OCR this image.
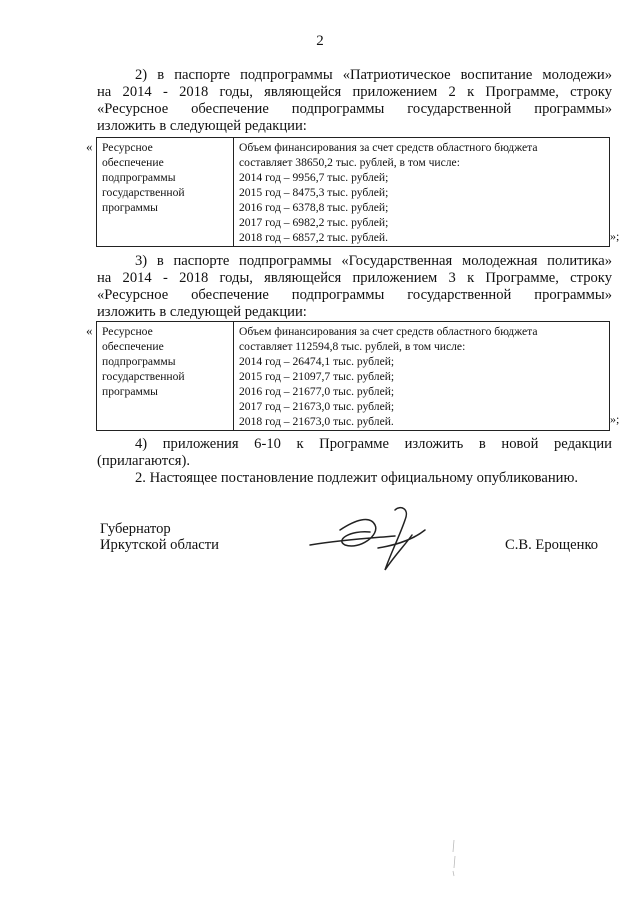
2
2) в паспорте подпрограммы «Патриотическое воспитание молодежи»
на 2014 - 2018 годы, являющейся приложением 2 к Программе, строку
«Ресурсное обеспечение подпрограммы государственной программы»
изложить в следующей редакции:
« Ресурсное
обеспечение
подпрограммы
государственной
программы

Объем финансирования за счет средств областного бюджета
составляет 38650,2 тыс. рублей, в том числе:
2014 год – 9956,7 тыс. рублей;
2015 год – 8475,3 тыс. рублей;
2016 год – 6378,8 тыс. рублей;
2017 год – 6982,2 тыс. рублей;
2018 год – 6857,2 тыс. рублей.	»;
3) в паспорте подпрограммы «Государственная молодежная политика»
на 2014 - 2018 годы, являющейся приложением 3 к Программе, строку
«Ресурсное обеспечение подпрограммы государственной программы»
изложить в следующей редакции:
« Ресурсное
обеспечение
подпрограммы
государственной
программы

Объем финансирования за счет средств областного бюджета
составляет 112594,8 тыс. рублей, в том числе:
2014 год – 26474,1 тыс. рублей;
2015 год – 21097,7 тыс. рублей;
2016 год – 21677,0 тыс. рублей;
2017 год – 21673,0 тыс. рублей;
2018 год – 21673,0 тыс. рублей.	»;
4) приложения 6-10 к Программе изложить в новой редакции
(прилагаются).
2. Настоящее постановление подлежит официальному опубликованию.
Губернатор
Иркутской области	С.В. Ерощенко
